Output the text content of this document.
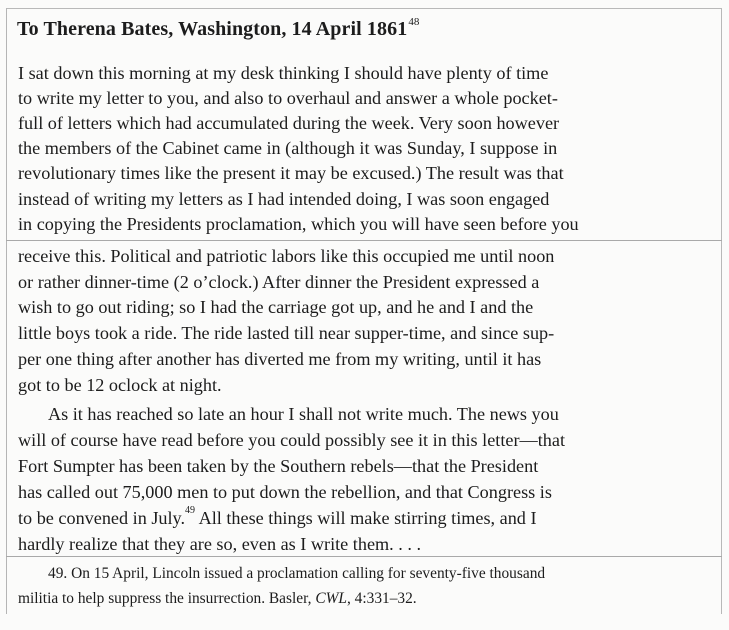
To Therena Bates, Washington, 14 April 1861$^{48}$
I sat down this morning at my desk thinking I should have plenty of time
to write my letter to you, and also to overhaul and answer a whole pocket-
full of letters which had accumulated during the week. Very soon however
the members of the Cabinet came in (although it was Sunday, I suppose in
revolutionary times like the present it may be excused.) The result was that
instead of writing my letters as I had intended doing, I was soon engaged
in copying the Presidents proclamation, which you will have seen before you
receive this. Political and patriotic labors like this occupied me until noon
or rather dinner-time (2 o’clock.) After dinner the President expressed a
wish to go out riding; so I had the carriage got up, and he and I and the
little boys took a ride. The ride lasted till near supper-time, and since sup-
per one thing after another has diverted me from my writing, until it has
got to be 12 oclock at night.
As it has reached so late an hour I shall not write much. The news you
will of course have read before you could possibly see it in this letter—that
Fort Sumpter has been taken by the Southern rebels—that the President
has called out 75,000 men to put down the rebellion, and that Congress is
to be convened in July.$^{49}$ All these things will make stirring times, and I
hardly realize that they are so, even as I write them. . . .
49. On 15 April, Lincoln issued a proclamation calling for seventy-five thousand
militia to help suppress the insurrection. Basler, CWL, 4:331–32.
